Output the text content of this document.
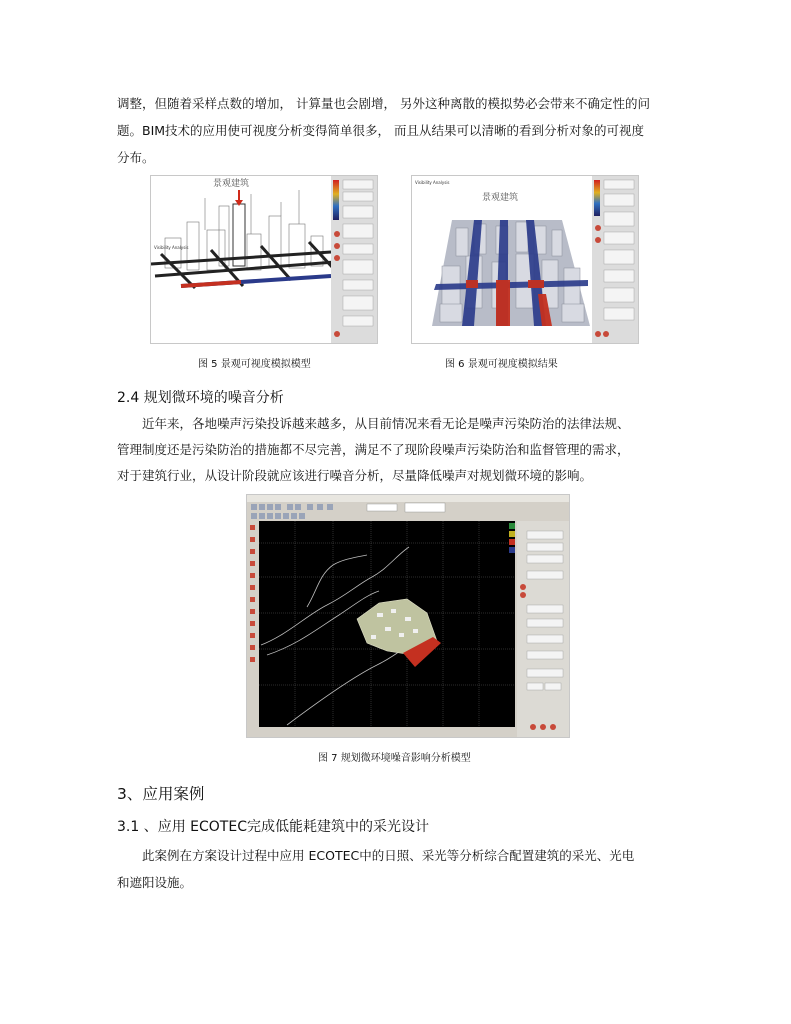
调整，但随着采样点数的增加， 计算量也会剧增， 另外这种离散的模拟势必会带来不确定性的问
题。BIM技术的应用使可视度分析变得简单很多， 而且从结果可以清晰的看到分析对象的可视度
分布。
景观建筑
Visibility Analysis
图 5 景观可视度模拟模型
景观建筑
Visibility Analysis
图 6 景观可视度模拟结果
2.4 规划微环境的噪音分析
近年来，各地噪声污染投诉越来越多，从目前情况来看无论是噪声污染防治的法律法规、
管理制度还是污染防治的措施都不尽完善，满足不了现阶段噪声污染防治和监督管理的需求，
对于建筑行业，从设计阶段就应该进行噪音分析，尽量降低噪声对规划微环境的影响。
图 7 规划微环境噪音影响分析模型
3、应用案例
3.1 、应用 ECOTEC完成低能耗建筑中的采光设计
此案例在方案设计过程中应用 ECOTEC中的日照、采光等分析综合配置建筑的采光、光电
和遮阳设施。
